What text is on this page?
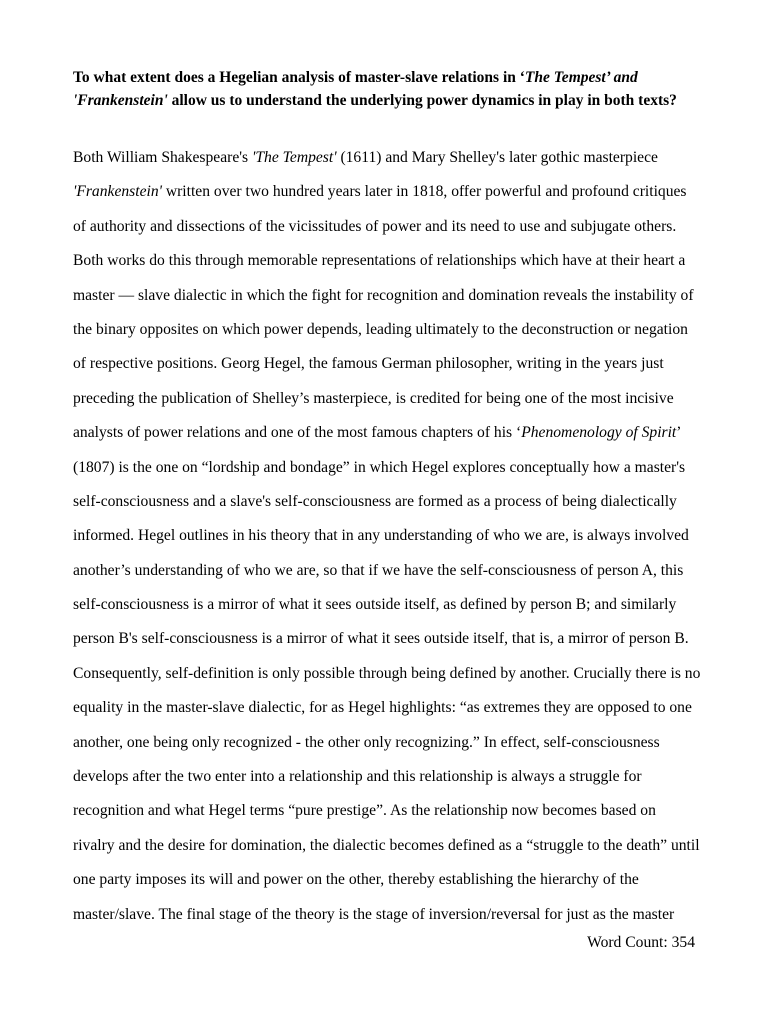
To what extent does a Hegelian analysis of master-slave relations in ‘The Tempest’ and
'Frankenstein' allow us to understand the underlying power dynamics in play in both texts?
Both William Shakespeare's 'The Tempest' (1611) and Mary Shelley's later gothic masterpiece
'Frankenstein' written over two hundred years later in 1818, offer powerful and profound critiques
of authority and dissections of the vicissitudes of power and its need to use and subjugate others.
Both works do this through memorable representations of relationships which have at their heart a
master — slave dialectic in which the fight for recognition and domination reveals the instability of
the binary opposites on which power depends, leading ultimately to the deconstruction or negation
of respective positions. Georg Hegel, the famous German philosopher, writing in the years just
preceding the publication of Shelley’s masterpiece, is credited for being one of the most incisive
analysts of power relations and one of the most famous chapters of his ‘Phenomenology of Spirit’
(1807) is the one on “lordship and bondage” in which Hegel explores conceptually how a master's
self-consciousness and a slave's self-consciousness are formed as a process of being dialectically
informed. Hegel outlines in his theory that in any understanding of who we are, is always involved
another’s understanding of who we are, so that if we have the self-consciousness of person A, this
self-consciousness is a mirror of what it sees outside itself, as defined by person B; and similarly
person B's self-consciousness is a mirror of what it sees outside itself, that is, a mirror of person B.
Consequently, self-definition is only possible through being defined by another. Crucially there is no
equality in the master-slave dialectic, for as Hegel highlights: “as extremes they are opposed to one
another, one being only recognized - the other only recognizing.” In effect, self-consciousness
develops after the two enter into a relationship and this relationship is always a struggle for
recognition and what Hegel terms “pure prestige”. As the relationship now becomes based on
rivalry and the desire for domination, the dialectic becomes defined as a “struggle to the death” until
one party imposes its will and power on the other, thereby establishing the hierarchy of the
master/slave. The final stage of the theory is the stage of inversion/reversal for just as the master
Word Count: 354
